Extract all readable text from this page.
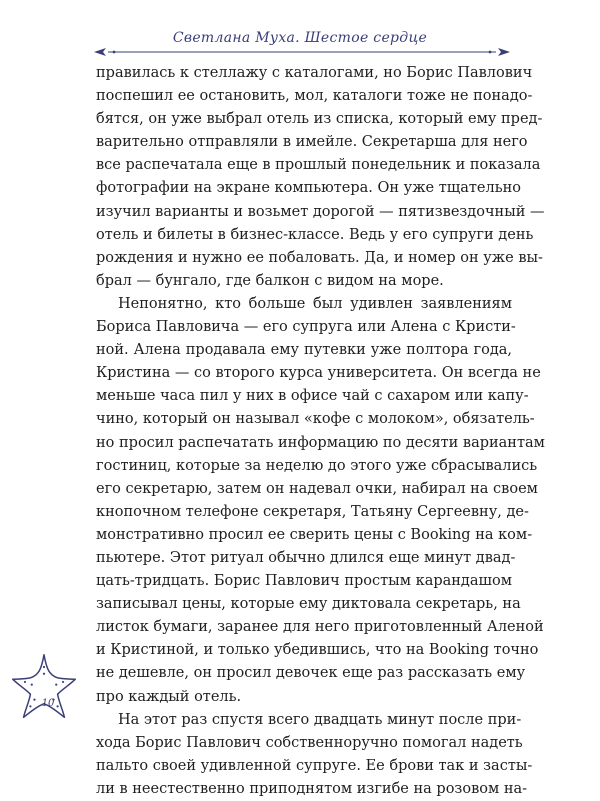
Светлана Муха. Шестое сердце

правилась к стеллажу с каталогами, но Борис Павлович
поспешил ее остановить, мол, каталоги тоже не понадо-
бятся, он уже выбрал отель из списка, который ему пред-
варительно отправляли в имейле. Секретарша для него
все распечатала еще в прошлый понедельник и показала
фотографии на экране компьютера. Он уже тщательно
изучил варианты и возьмет дорогой — пятизвездочный —
отель и билеты в бизнес-классе. Ведь у его супруги день
рождения и нужно ее побаловать. Да, и номер он уже вы-
брал — бунгало, где балкон с видом на море.

Непонятно, кто больше был удивлен заявлениям
Бориса Павловича — его супруга или Алена с Кристи-
ной. Алена продавала ему путевки уже полтора года,
Кристина — со второго курса университета. Он всегда не
меньше часа пил у них в офисе чай с сахаром или капу-
чино, который он называл «кофе с молоком», обязатель-
но просил распечатать информацию по десяти вариантам
гостиниц, которые за неделю до этого уже сбрасывались
его секретарю, затем он надевал очки, набирал на своем
кнопочном телефоне секретаря, Татьяну Сергеевну, де-
монстративно просил ее сверить цены с Booking на ком-
пьютере. Этот ритуал обычно длился еще минут двад-
цать-тридцать. Борис Павлович простым карандашом
записывал цены, которые ему диктовала секретарь, на
листок бумаги, заранее для него приготовленный Аленой
и Кристиной, и только убедившись, что на Booking точно
не дешевле, он просил девочек еще раз рассказать ему
про каждый отель.

На этот раз спустя всего двадцать минут после при-
хода Борис Павлович собственноручно помогал надеть
пальто своей удивленной супруге. Ее брови так и засты-
ли в неестественно приподнятом изгибе на розовом на-

10
